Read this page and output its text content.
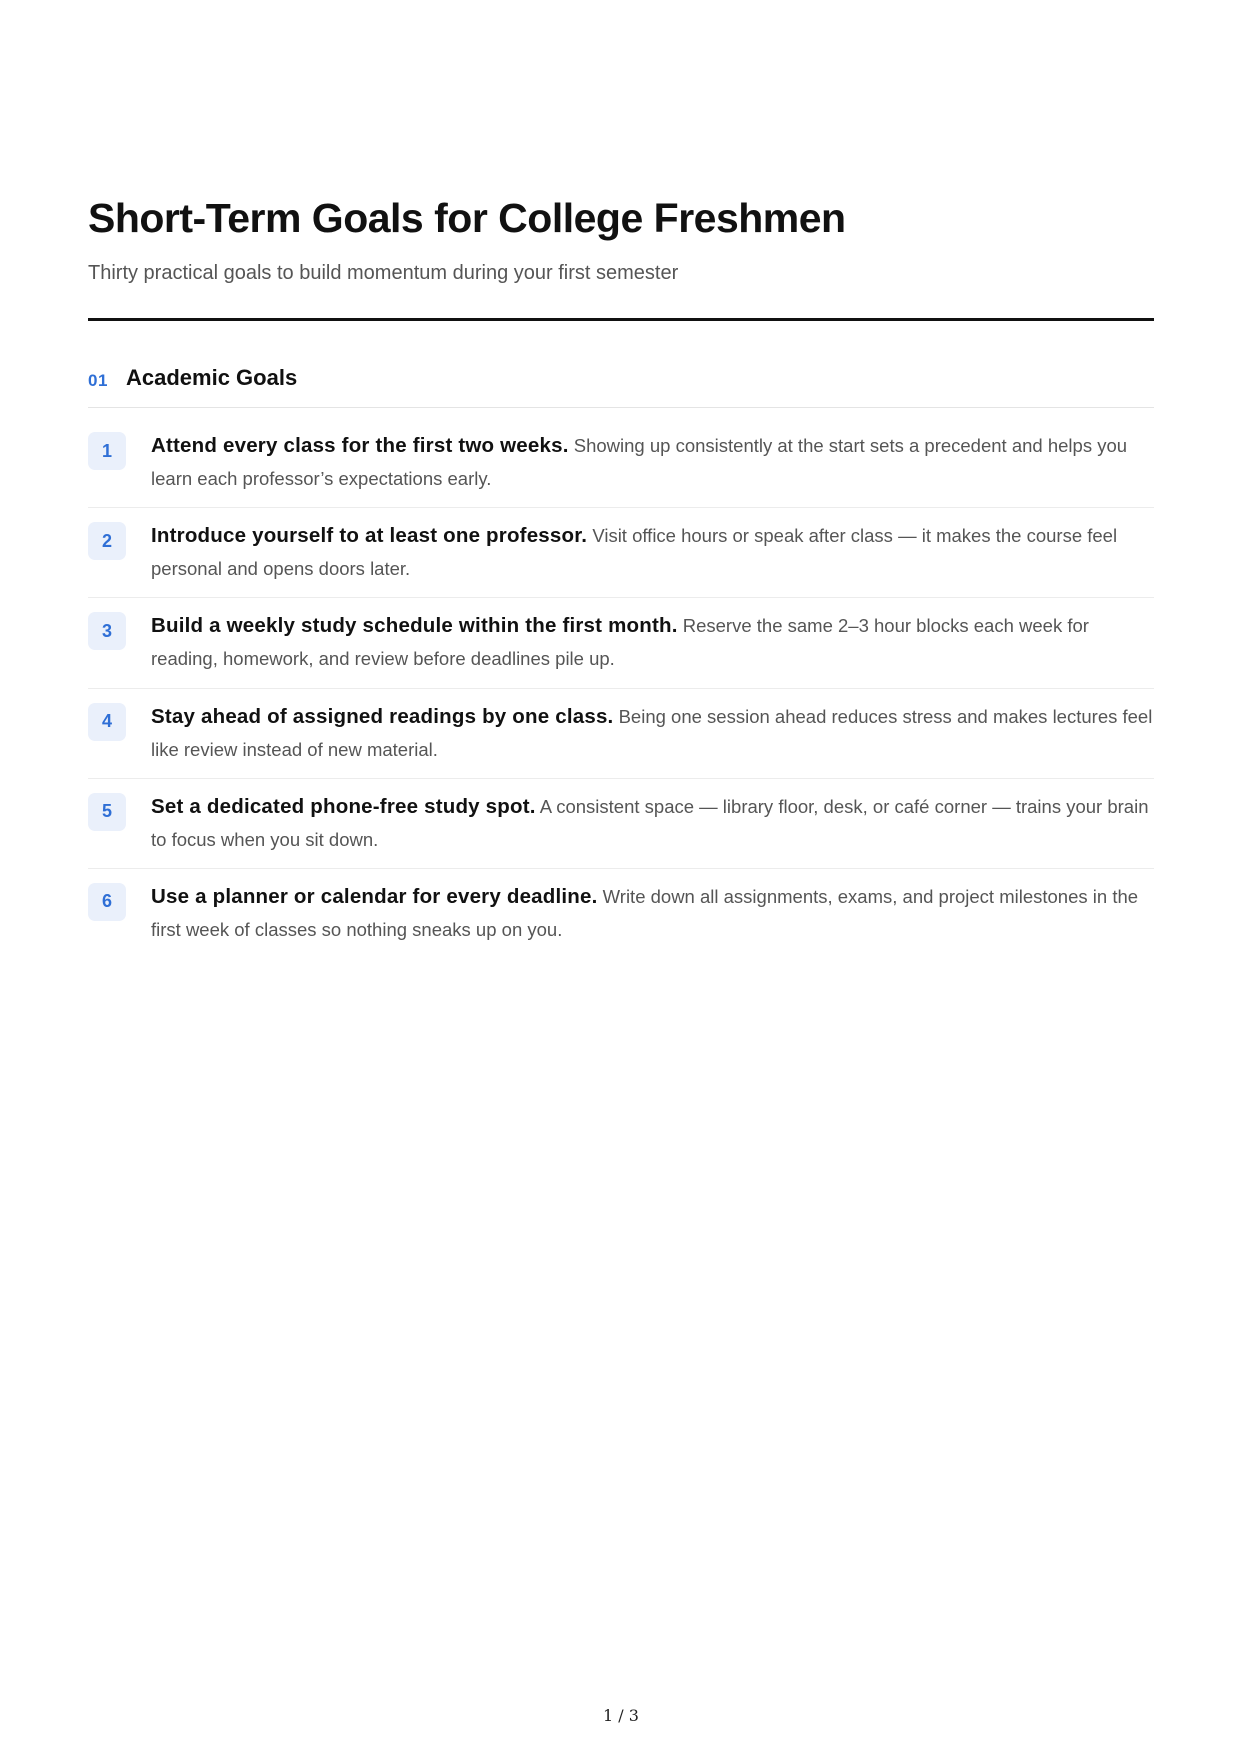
Short-Term Goals for College Freshmen

Thirty practical goals to build momentum during your first semester

01 Academic Goals
1	Attend every class for the first two weeks. Showing up consistently at the start sets a precedent and helps you learn each professor’s expectations early.

2	Introduce yourself to at least one professor. Visit office hours or speak after class — it makes the course feel personal and opens doors later.

3	Build a weekly study schedule within the first month. Reserve the same 2–3 hour blocks each week for reading, homework, and review before deadlines pile up.

4	Stay ahead of assigned readings by one class. Being one session ahead reduces stress and makes lectures feel like review instead of new material.

5	Set a dedicated phone-free study spot. A consistent space — library floor, desk, or café corner — trains your brain to focus when you sit down.

6	Use a planner or calendar for every deadline. Write down all assignments, exams, and project milestones in the first week of classes so nothing sneaks up on you.

1 / 3
